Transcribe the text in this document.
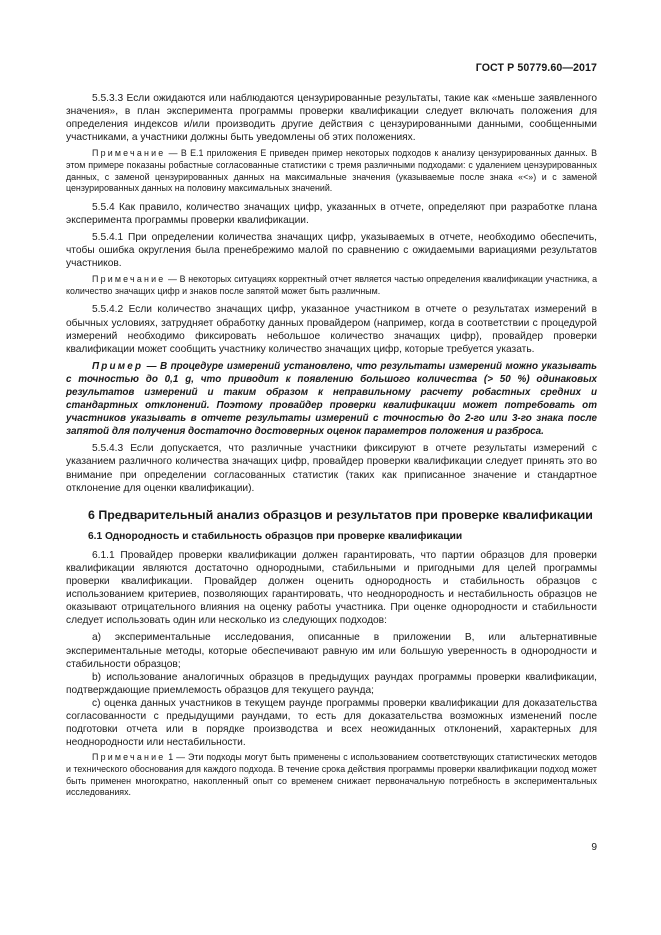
ГОСТ Р 50779.60—2017

5.5.3.3 Если ожидаются или наблюдаются цензурированные результаты, такие как «меньше заявленного значения», в план эксперимента программы проверки квалификации следует включать положения для определения индексов и/или производить другие действия с цензурированными данными, сообщенными участниками, а участники должны быть уведомлены об этих положениях.

Примечание — В Е.1 приложения Е приведен пример некоторых подходов к анализу цензурированных данных. В этом примере показаны робастные согласованные статистики с тремя различными подходами: с удалением цензурированных данных, с заменой цензурированных данных на максимальные значения (указываемые после знака «<») и с заменой цензурированных данных на половину максимальных значений.

5.5.4 Как правило, количество значащих цифр, указанных в отчете, определяют при разработке плана эксперимента программы проверки квалификации.

5.5.4.1 При определении количества значащих цифр, указываемых в отчете, необходимо обеспечить, чтобы ошибка округления была пренебрежимо малой по сравнению с ожидаемыми вариациями результатов участников.

Примечание — В некоторых ситуациях корректный отчет является частью определения квалификации участника, а количество значащих цифр и знаков после запятой может быть различным.

5.5.4.2 Если количество значащих цифр, указанное участником в отчете о результатах измерений в обычных условиях, затрудняет обработку данных провайдером (например, когда в соответствии с процедурой измерений необходимо фиксировать небольшое количество значащих цифр), провайдер проверки квалификации может сообщить участнику количество значащих цифр, которые требуется указать.

Пример — В процедуре измерений установлено, что результаты измерений можно указывать с точностью до 0,1 g, что приводит к появлению большого количества (> 50 %) одинаковых результатов измерений и таким образом к неправильному расчету робастных средних и стандартных отклонений. Поэтому провайдер проверки квалификации может потребовать от участников указывать в отчете результаты измерений с точностью до 2-го или 3-го знака после запятой для получения достаточно достоверных оценок параметров положения и разброса.

5.5.4.3 Если допускается, что различные участники фиксируют в отчете результаты измерений с указанием различного количества значащих цифр, провайдер проверки квалификации следует принять это во внимание при определении согласованных статистик (таких как приписанное значение и стандартное отклонение для оценки квалификации).

6 Предварительный анализ образцов и результатов при проверке квалификации
6.1 Однородность и стабильность образцов при проверке квалификации

6.1.1 Провайдер проверки квалификации должен гарантировать, что партии образцов для проверки квалификации являются достаточно однородными, стабильными и пригодными для целей программы проверки квалификации. Провайдер должен оценить однородность и стабильность образцов с использованием критериев, позволяющих гарантировать, что неоднородность и нестабильность образцов не оказывают отрицательного влияния на оценку работы участника. При оценке однородности и стабильности следует использовать один или несколько из следующих подходов:

a) экспериментальные исследования, описанные в приложении В, или альтернативные экспериментальные методы, которые обеспечивают равную им или большую уверенность в однородности и стабильности образцов;

b) использование аналогичных образцов в предыдущих раундах программы проверки квалификации, подтверждающие приемлемость образцов для текущего раунда;

c) оценка данных участников в текущем раунде программы проверки квалификации для доказательства согласованности с предыдущими раундами, то есть для доказательства возможных изменений после подготовки отчета или в порядке производства и всех неожиданных отклонений, характерных для неоднородности или нестабильности.

Примечание 1 — Эти подходы могут быть применены с использованием соответствующих статистических методов и технического обоснования для каждого подхода. В течение срока действия программы проверки квалификации подход может быть применен многократно, накопленный опыт со временем снижает первоначальную потребность в экспериментальных исследованиях.

9
